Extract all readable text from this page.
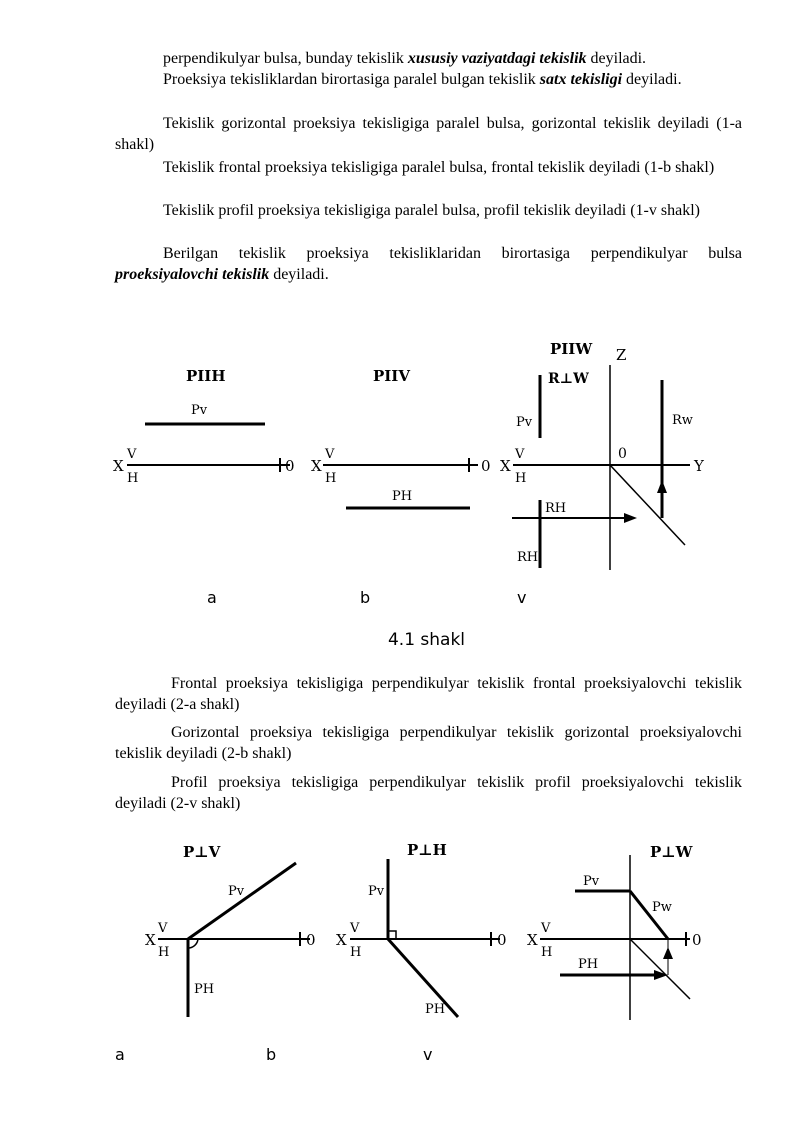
perpendikulyar bulsa, bunday tekislik xususiy vaziyatdagi tekislik deyiladi.

Proeksiya tekisliklardan birortasiga paralel bulgan tekislik satx tekisligi deyiladi.

Tekislik gorizontal proeksiya tekisligiga paralel bulsa, gorizontal tekislik deyiladi (1-a shakl)

Tekislik frontal proeksiya tekisligiga paralel bulsa, frontal tekislik deyiladi (1-b shakl)

Tekislik profil proeksiya tekisligiga paralel bulsa, profil tekislik deyiladi (1-v shakl)

Berilgan tekislik proeksiya tekisliklaridan birortasiga perpendikulyar bulsa proeksiyalovchi tekislik deyiladi.

PIIH	PIIV
PIIW
Pv
PH
Pv
R⊥W
Rw
RH
RH
Z
0
Y
X
V
H
0 X
V
H
0 X
V
H
a	b	v
4.1 shakl

Frontal proeksiya tekisligiga perpendikulyar tekislik frontal proeksiyalovchi tekislik deyiladi (2-a shakl)

Gorizontal proeksiya tekisligiga perpendikulyar tekislik gorizontal proeksiyalovchi tekislik deyiladi (2-b shakl)

Profil proeksiya tekisligiga perpendikulyar tekislik profil proeksiyalovchi tekislik deyiladi (2-v shakl)

P⊥V	P⊥H	P⊥W
Pv
PH
Pv
PH
Pv
Pw
PH
X
V
H
0 X
V
H
0 X
V
H
0
a	b	v
